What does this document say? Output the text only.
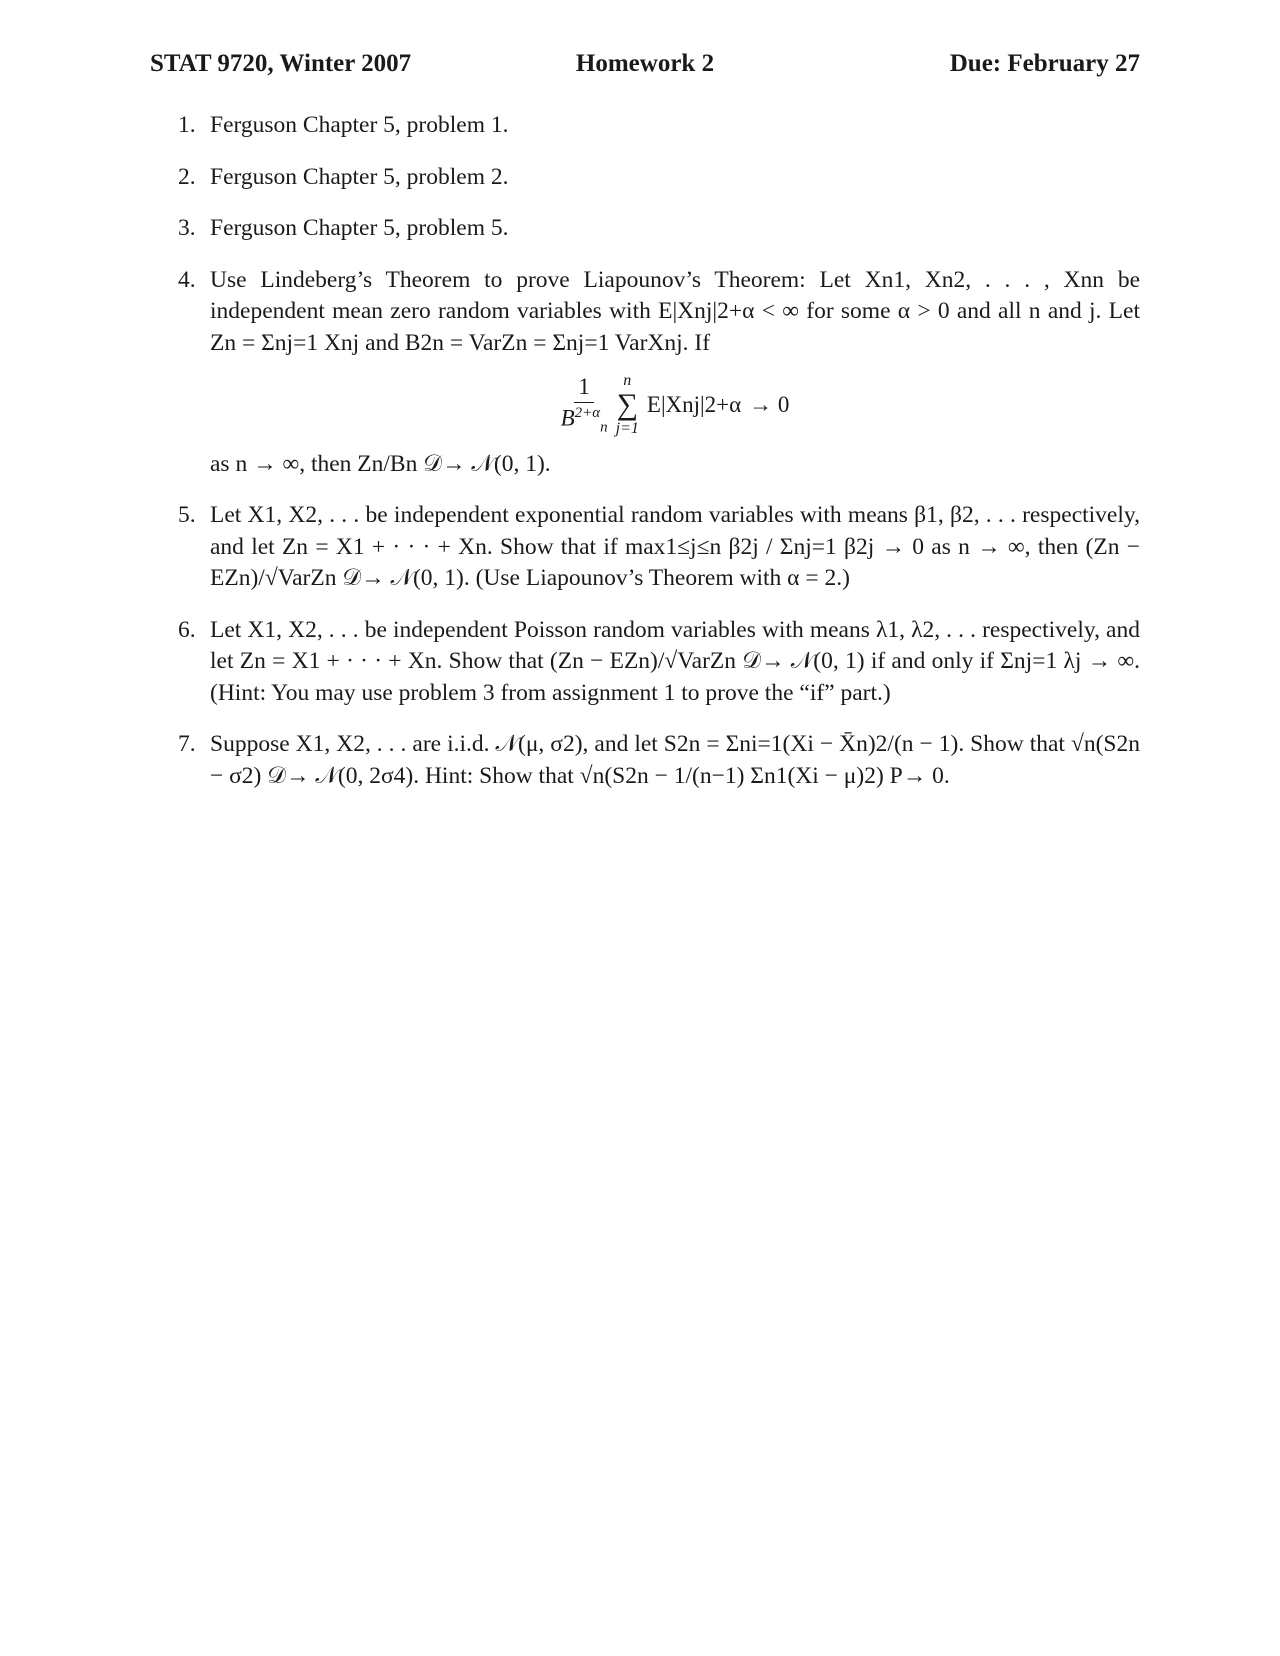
STAT 9720, Winter 2007	Homework 2	Due: February 27
1. Ferguson Chapter 5, problem 1.
2. Ferguson Chapter 5, problem 2.
3. Ferguson Chapter 5, problem 5.
4. Use Lindeberg’s Theorem to prove Liapounov’s Theorem: Let Xn1, Xn2, . . . , Xnn be independent mean zero random variables with E|Xnj|2+α < ∞ for some α > 0 and all n and j. Let Zn = Σnj=1 Xnj and B2n = VarZn = Σnj=1 VarXnj. If
$\frac{1}{B^{2+\alpha}_n}$ n
∑
j=1
E|Xnj|2+α → 0
as n → ∞, then Zn/Bn 𝒟→ 𝒩(0, 1).
5. Let X1, X2, . . . be independent exponential random variables with means β1, β2, . . . respectively, and let Zn = X1 + · · · + Xn. Show that if max1≤j≤n β2j / Σnj=1 β2j → 0 as n → ∞, then (Zn − EZn)/√VarZn 𝒟→ 𝒩(0, 1). (Use Liapounov’s Theorem with α = 2.)
6. Let X1, X2, . . . be independent Poisson random variables with means λ1, λ2, . . . respectively, and let Zn = X1 + · · · + Xn. Show that (Zn − EZn)/√VarZn 𝒟→ 𝒩(0, 1) if and only if Σnj=1 λj → ∞. (Hint: You may use problem 3 from assignment 1 to prove the “if” part.)
7. Suppose X1, X2, . . . are i.i.d. 𝒩(μ, σ2), and let S2n = Σni=1(Xi − X̄n)2/(n − 1). Show that √n(S2n − σ2) 𝒟→ 𝒩(0, 2σ4). Hint: Show that √n(S2n − 1/(n−1) Σn1(Xi − μ)2) P→ 0.
